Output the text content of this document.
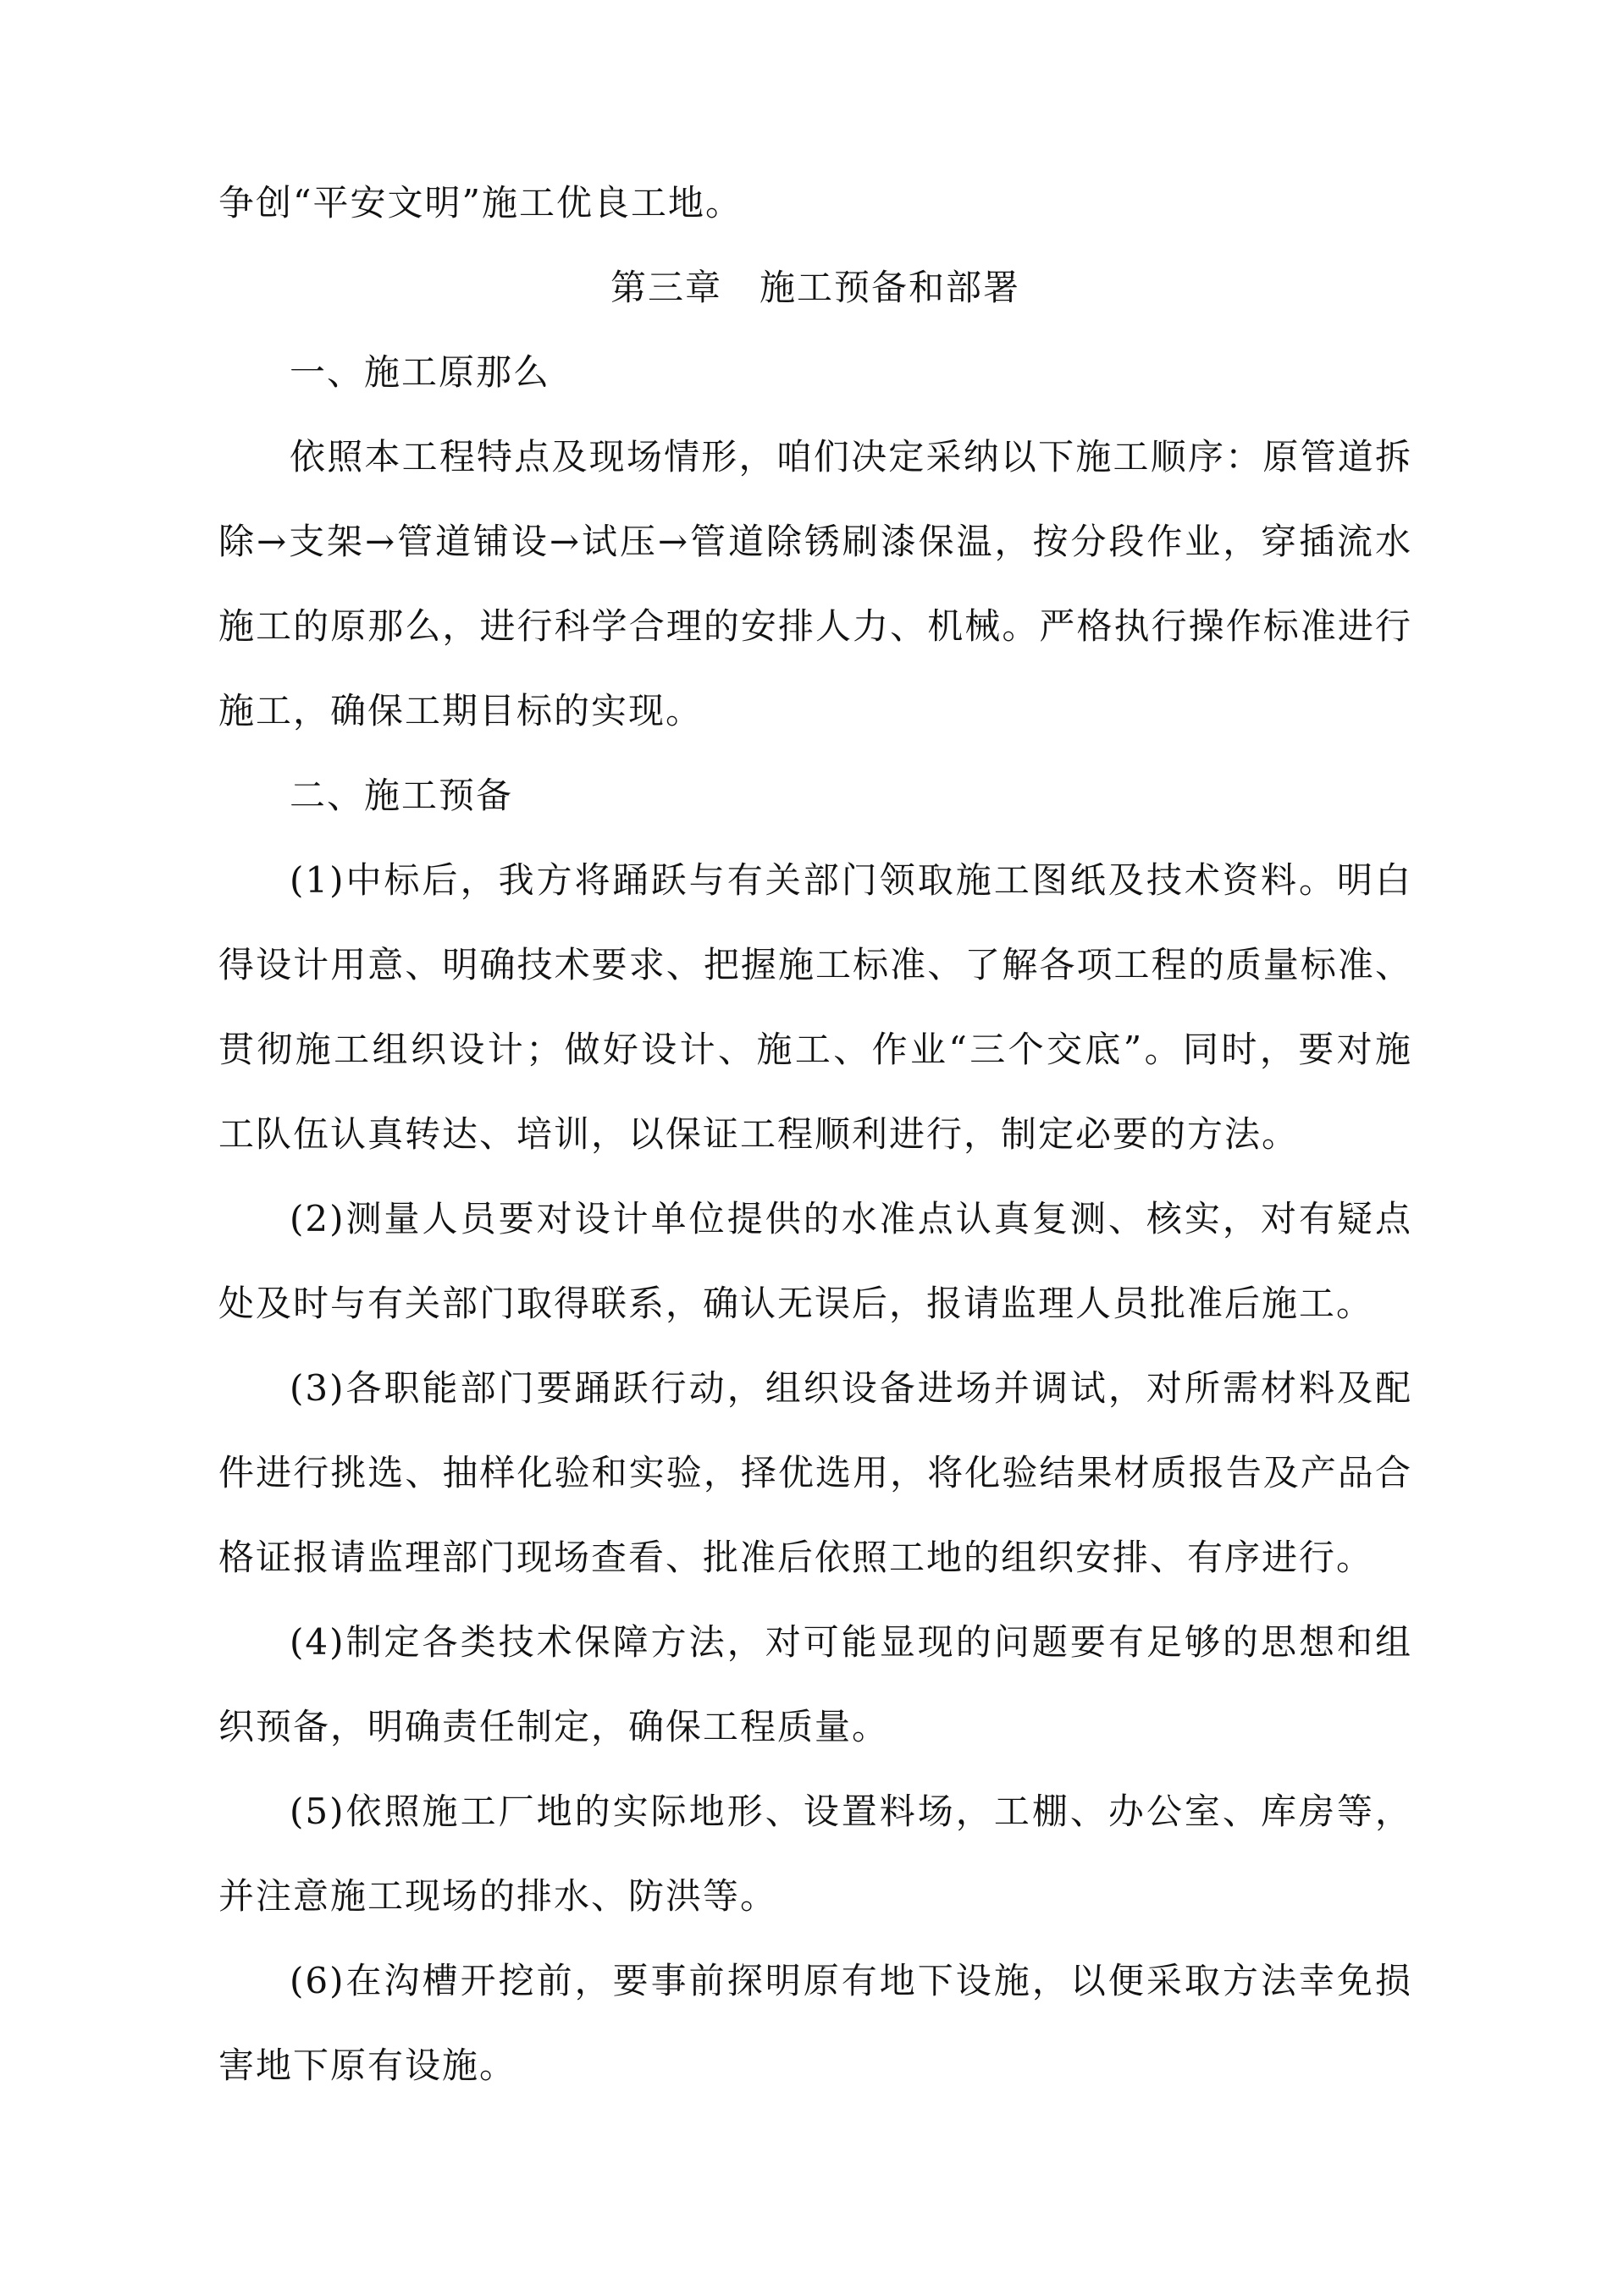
争创“平安文明”施工优良工地。

第三章　施工预备和部署

一、施工原那么

依照本工程特点及现场情形，咱们决定采纳以下施工顺序：原管道拆除→支架→管道铺设→试压→管道除锈刷漆保温，按分段作业，穿插流水施工的原那么，进行科学合理的安排人力、机械。严格执行操作标准进行施工，确保工期目标的实现。

二、施工预备

(1)中标后，我方将踊跃与有关部门领取施工图纸及技术资料。明白得设计用意、明确技术要求、把握施工标准、了解各项工程的质量标准、贯彻施工组织设计；做好设计、施工、作业“三个交底”。同时，要对施工队伍认真转达、培训，以保证工程顺利进行，制定必要的方法。

(2)测量人员要对设计单位提供的水准点认真复测、核实，对有疑点处及时与有关部门取得联系，确认无误后，报请监理人员批准后施工。

(3)各职能部门要踊跃行动，组织设备进场并调试，对所需材料及配件进行挑选、抽样化验和实验，择优选用，将化验结果材质报告及产品合格证报请监理部门现场查看、批准后依照工地的组织安排、有序进行。

(4)制定各类技术保障方法，对可能显现的问题要有足够的思想和组织预备，明确责任制定，确保工程质量。

(5)依照施工厂地的实际地形、设置料场，工棚、办公室、库房等，并注意施工现场的排水、防洪等。

(6)在沟槽开挖前，要事前探明原有地下设施，以便采取方法幸免损害地下原有设施。
